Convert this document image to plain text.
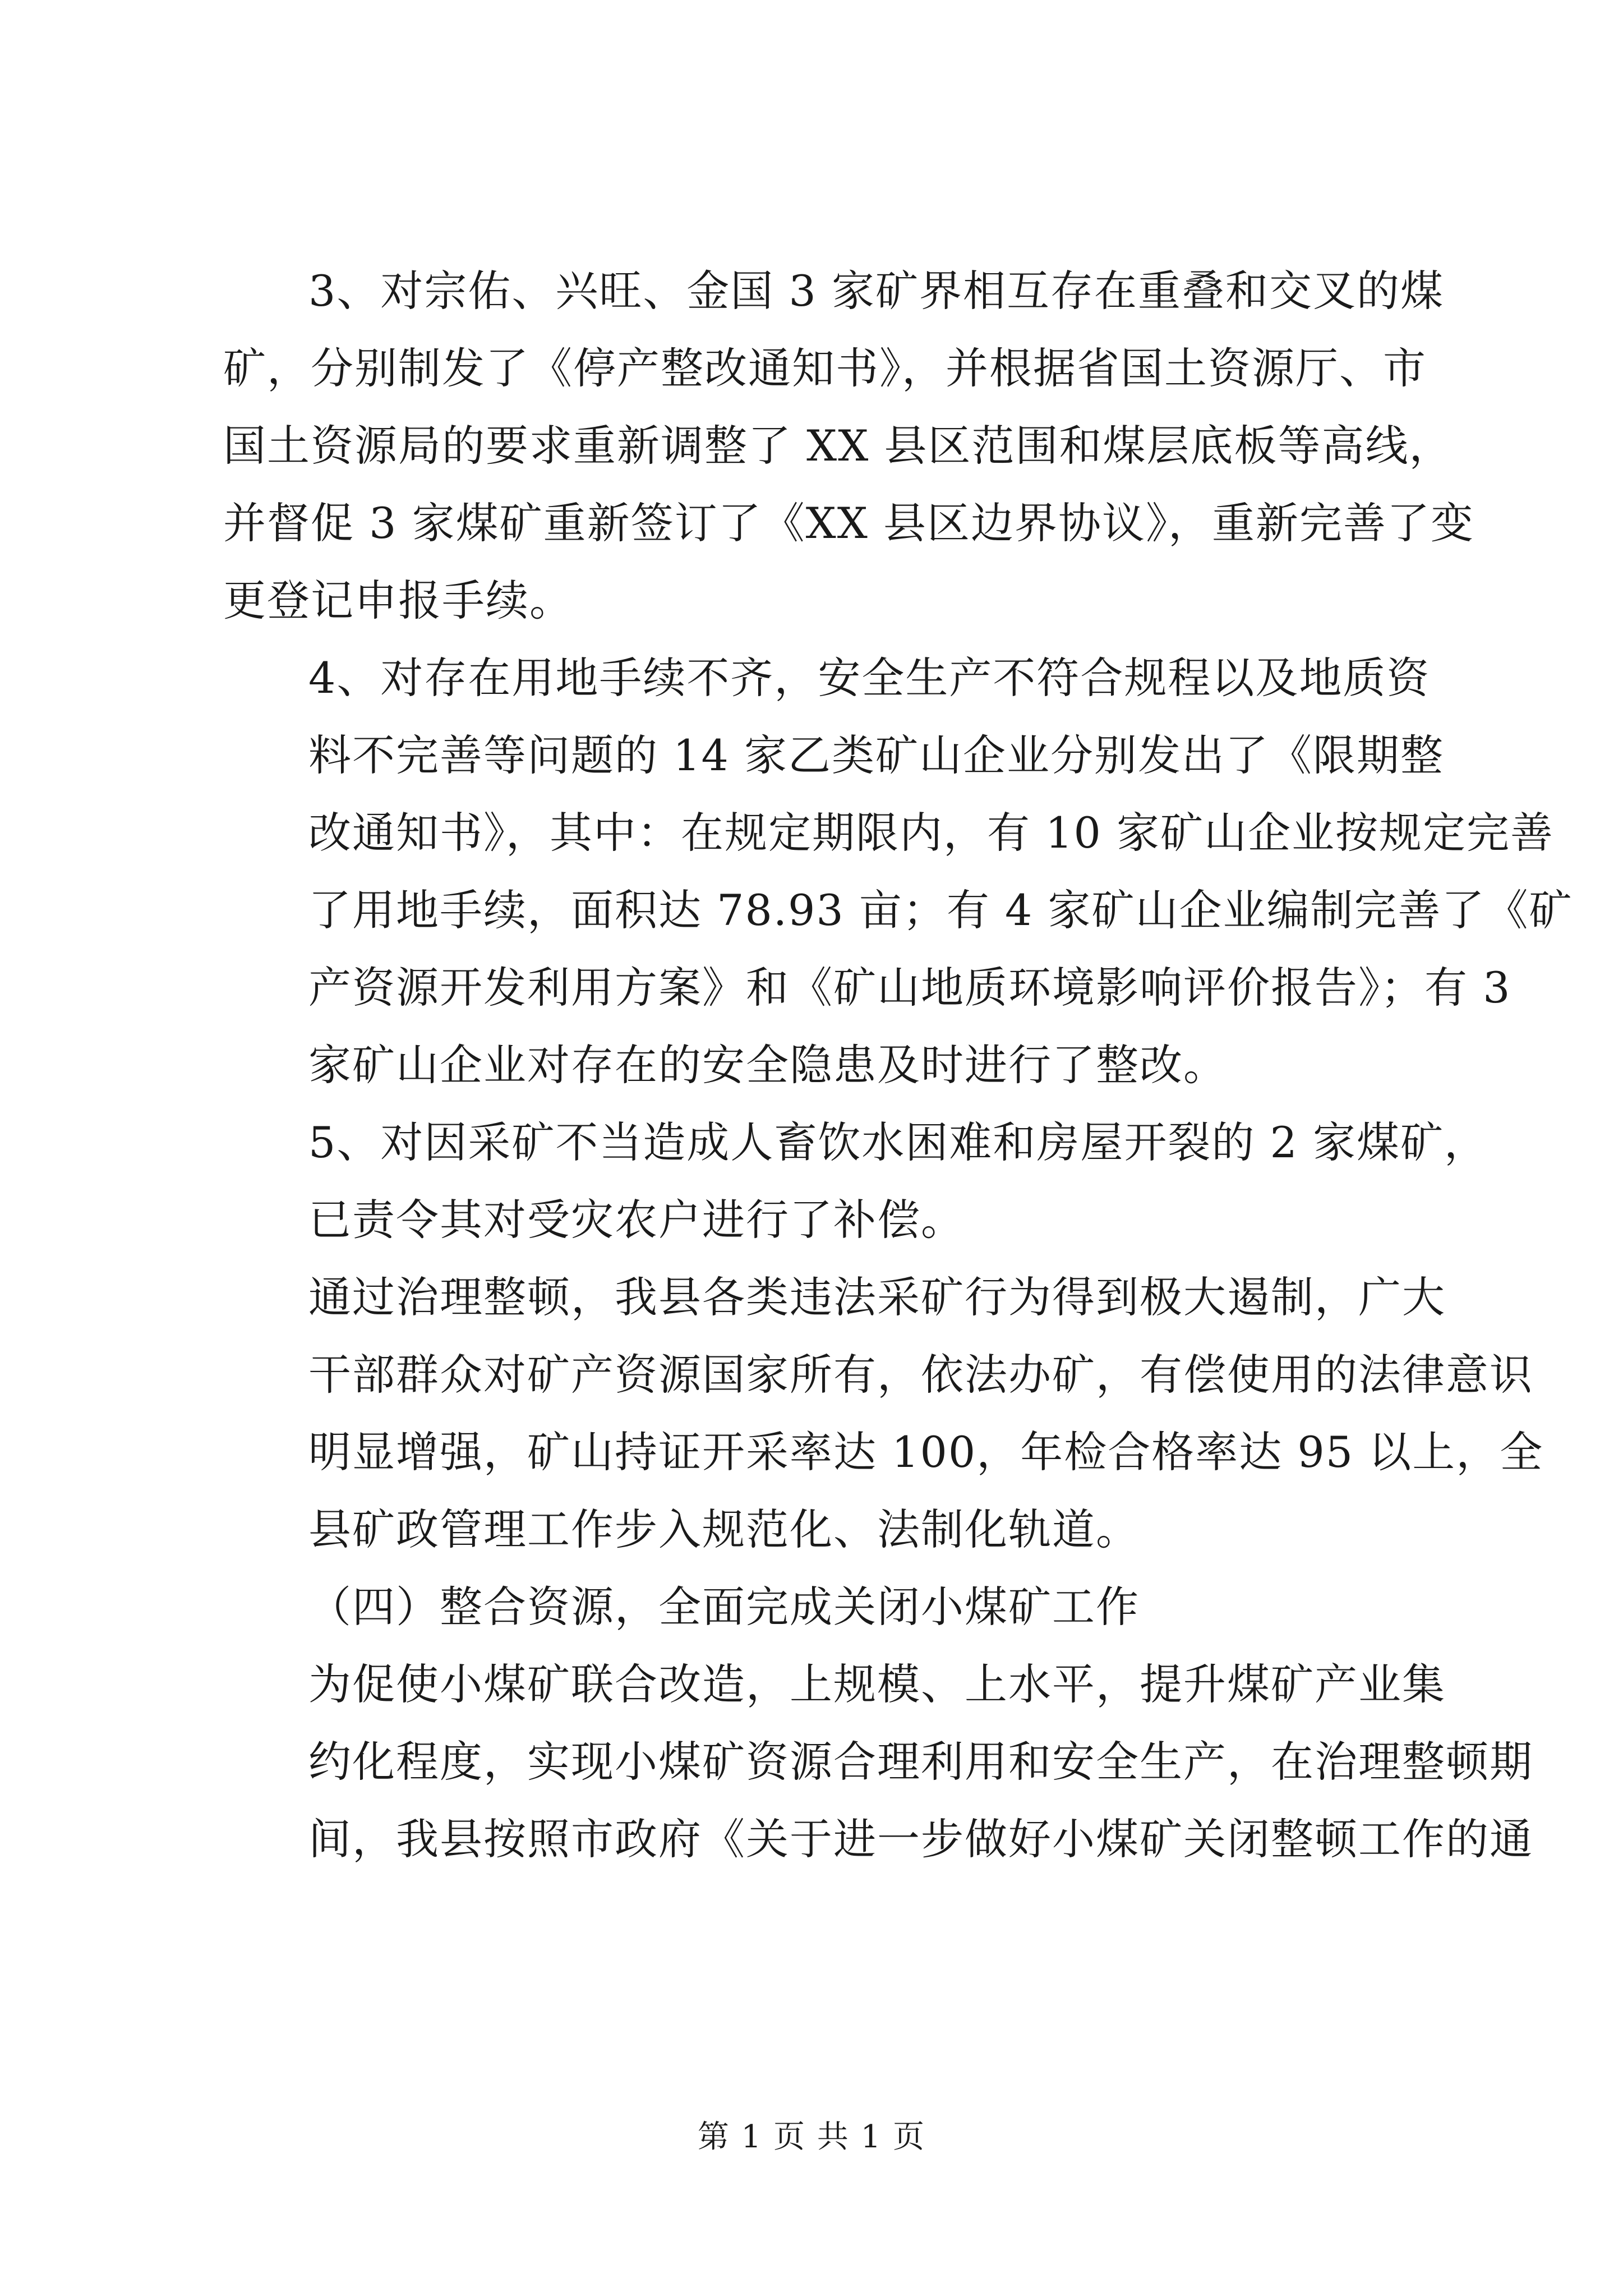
3、对宗佑、兴旺、金国 3 家矿界相互存在重叠和交叉的煤
矿，分别制发了《停产整改通知书》，并根据省国土资源厅、市
国土资源局的要求重新调整了 XX 县区范围和煤层底板等高线，
并督促 3 家煤矿重新签订了《XX 县区边界协议》，重新完善了变
更登记申报手续。
4、对存在用地手续不齐，安全生产不符合规程以及地质资
料不完善等问题的 14 家乙类矿山企业分别发出了《限期整
改通知书》，其中：在规定期限内，有 10 家矿山企业按规定完善
了用地手续，面积达 78.93 亩；有 4 家矿山企业编制完善了《矿
产资源开发利用方案》和《矿山地质环境影响评价报告》；有 3
家矿山企业对存在的安全隐患及时进行了整改。
5、对因采矿不当造成人畜饮水困难和房屋开裂的 2 家煤矿，
已责令其对受灾农户进行了补偿。
通过治理整顿，我县各类违法采矿行为得到极大遏制，广大
干部群众对矿产资源国家所有，依法办矿，有偿使用的法律意识
明显增强，矿山持证开采率达 100，年检合格率达 95 以上，全
县矿政管理工作步入规范化、法制化轨道。
（四）整合资源，全面完成关闭小煤矿工作
为促使小煤矿联合改造，上规模、上水平，提升煤矿产业集
约化程度，实现小煤矿资源合理利用和安全生产，在治理整顿期
间，我县按照市政府《关于进一步做好小煤矿关闭整顿工作的通
第 1 页 共 1 页
